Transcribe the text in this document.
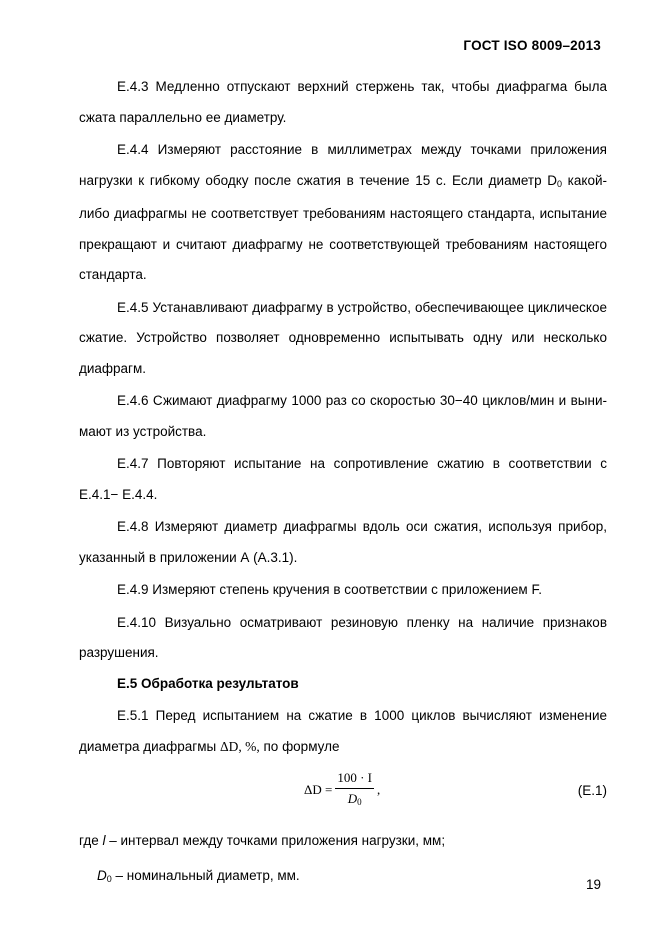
ГОСТ ISO 8009–2013

Е.4.3 Медленно отпускают верхний стержень так, чтобы диафрагма была сжата параллельно ее диаметру.

Е.4.4 Измеряют расстояние в миллиметрах между точками приложения нагрузки к гибкому ободку после сжатия в течение 15 с. Если диаметр $D_0$ какой-либо диафрагмы не соответствует требованиям настоящего стандарта, испытание прекращают и считают диафрагму не соответствующей требованиям настоящего стандарта.

Е.4.5 Устанавливают диафрагму в устройство, обеспечивающее циклическое сжатие. Устройство позволяет одновременно испытывать одну или несколько диафрагм.

Е.4.6 Сжимают диафрагму 1000 раз со скоростью 30−40 циклов/мин и вынимают из устройства.

Е.4.7 Повторяют испытание на сопротивление сжатию в соответствии с Е.4.1− Е.4.4.

Е.4.8 Измеряют диаметр диафрагмы вдоль оси сжатия, используя прибор, указанный в приложении А (А.3.1).

Е.4.9 Измеряют степень кручения в соответствии с приложением F.

Е.4.10 Визуально осматривают резиновую пленку на наличие признаков разрушения.

Е.5 Обработка результатов

Е.5.1 Перед испытанием на сжатие в 1000 циклов вычисляют изменение диаметра диафрагмы ΔD, %, по формуле

$\Delta D = \frac{100 \cdot I}{D_0}$ ,	(Е.1)

где l – интервал между точками приложения нагрузки, мм;

$D_0$ – номинальный диаметр, мм.

19
